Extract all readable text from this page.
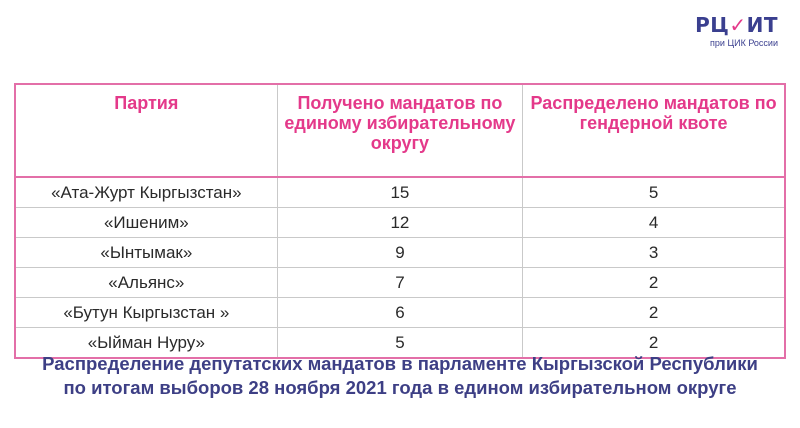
РЦ✓ИТ
при ЦИК России
Партия	Получено мандатов по единому избирательному округу	Распределено мандатов по гендерной квоте
«Ата-Журт Кыргызстан»	15	5
«Ишеним»	12	4
«Ынтымак»	9	3
«Альянс»	7	2
«Бутун Кыргызстан »	6	2
«Ыйман Нуру»	5	2
Распределение депутатских мандатов в парламенте Кыргызской Республики
по итогам выборов 28 ноября 2021 года в едином избирательном округе
